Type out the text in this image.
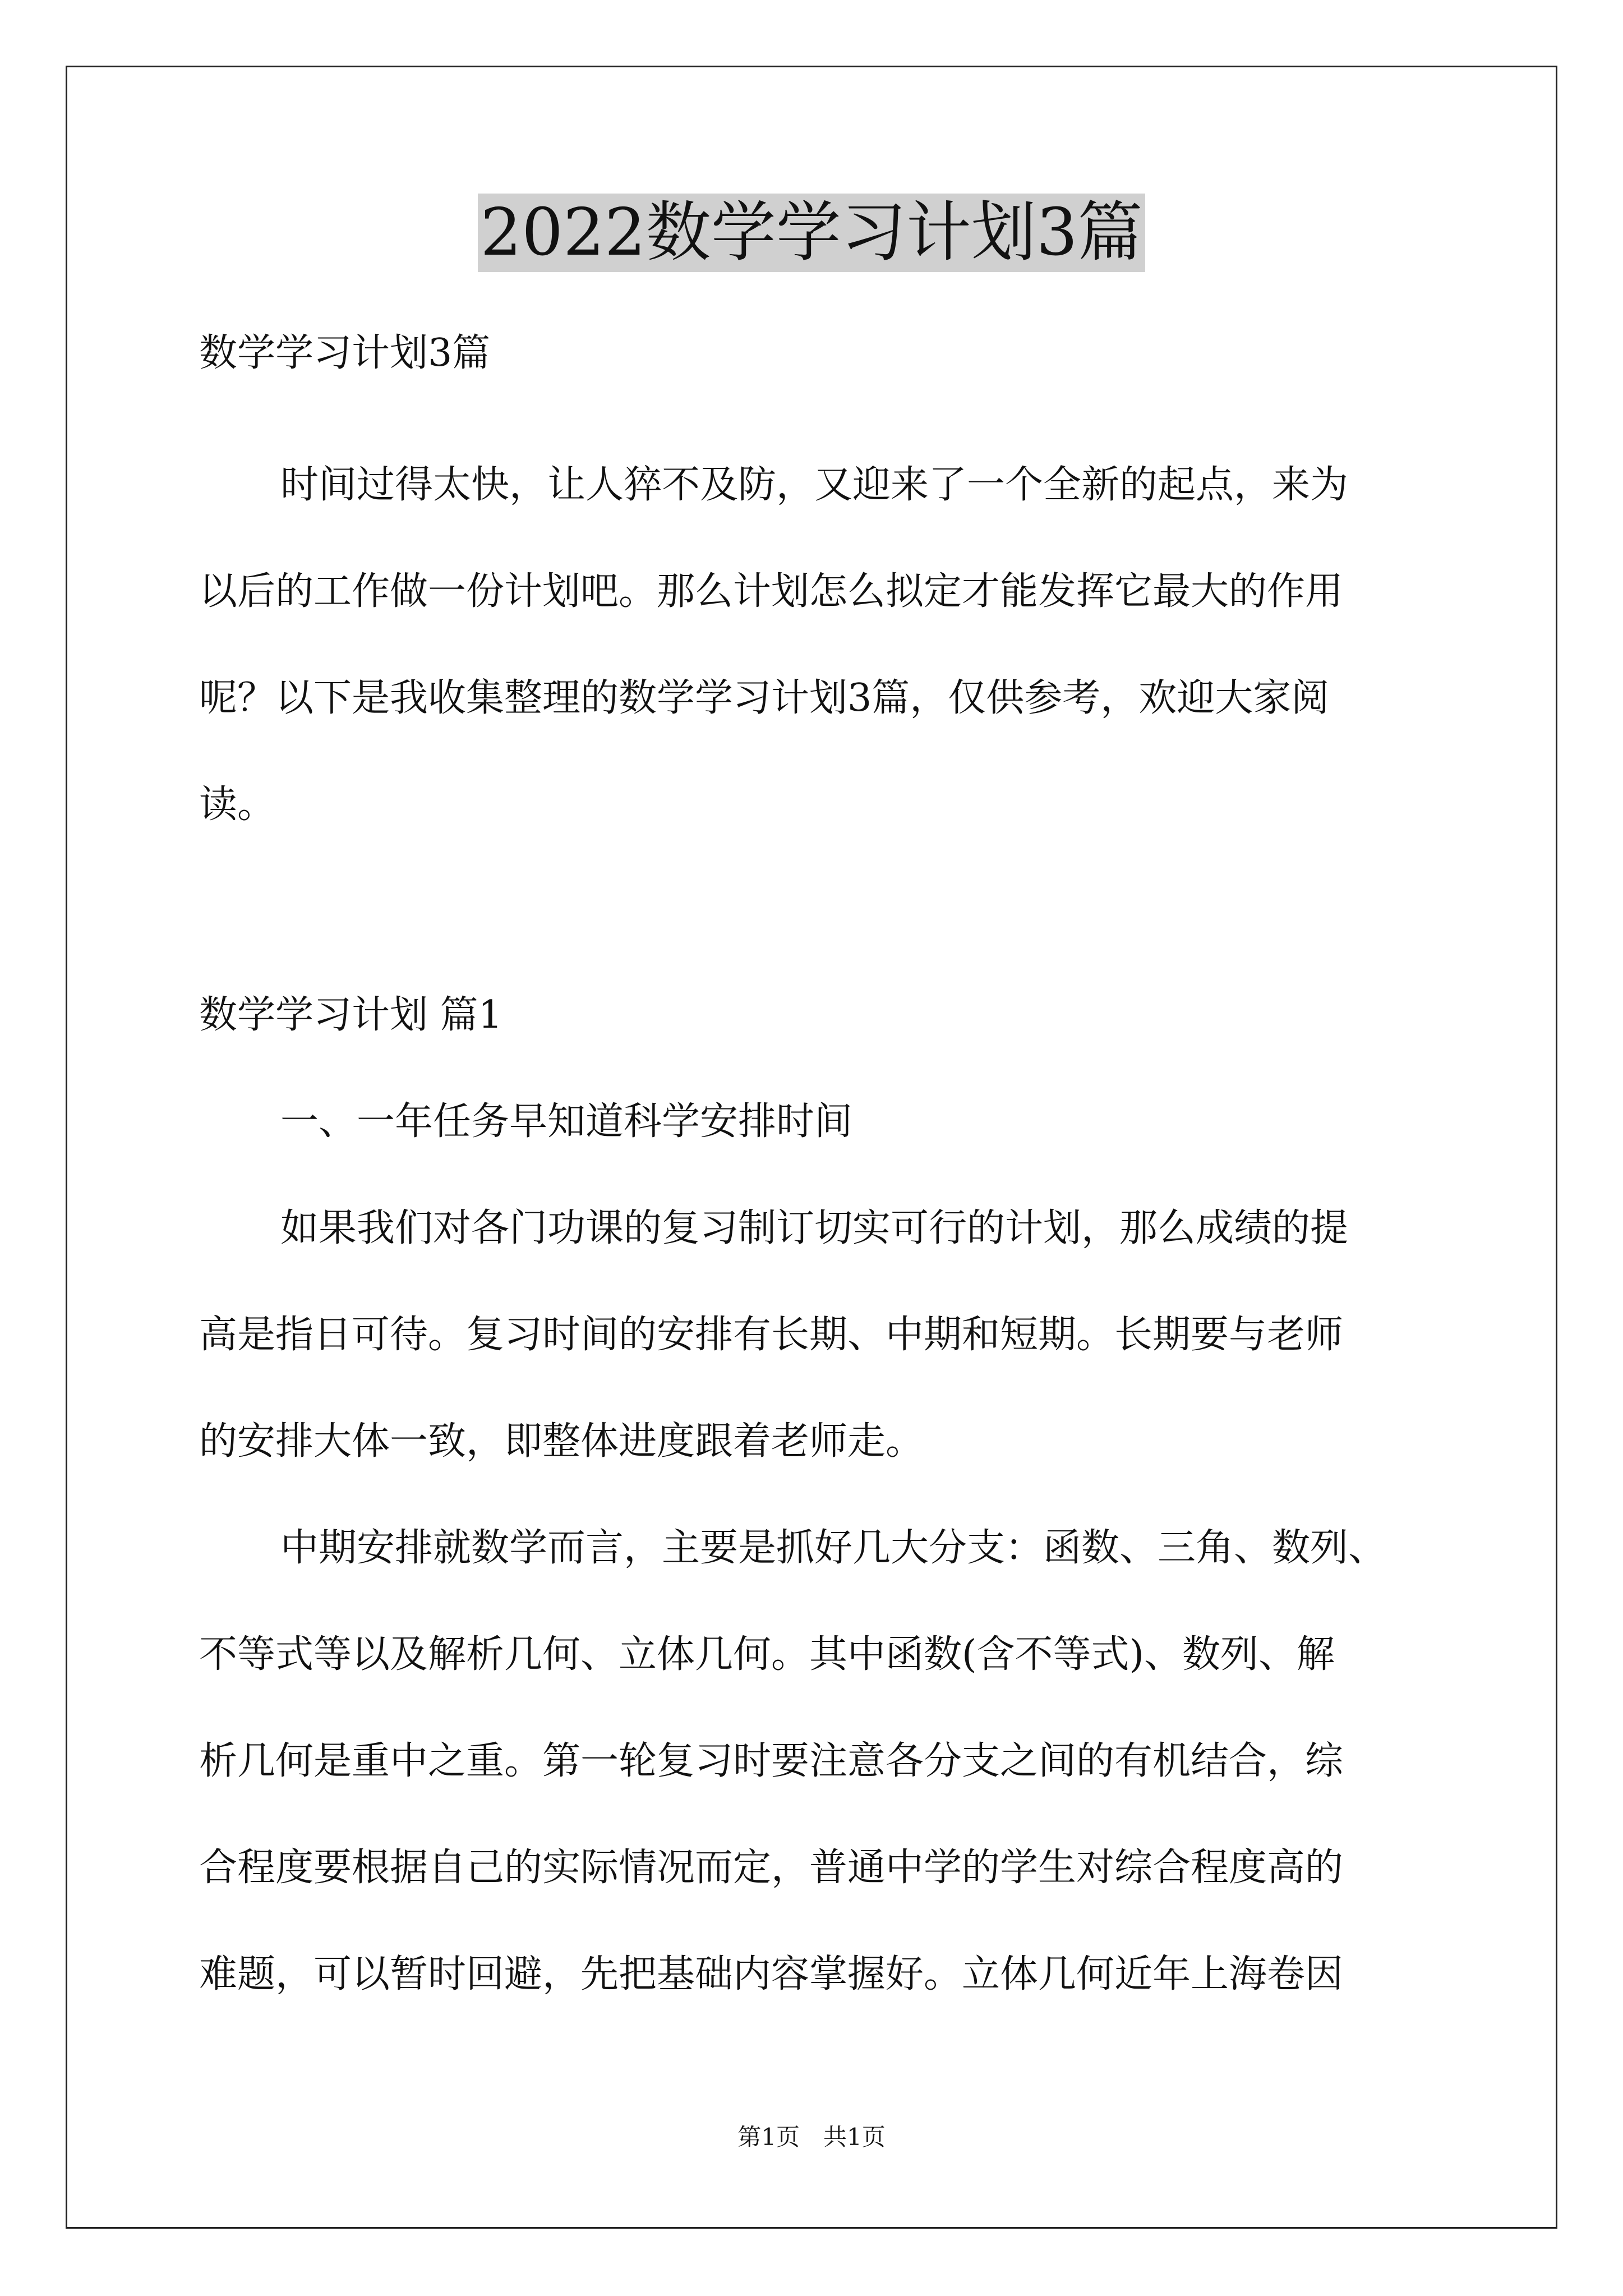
2022数学学习计划3篇

数学学习计划3篇

时间过得太快，让人猝不及防，又迎来了一个全新的起点，来为

以后的工作做一份计划吧。那么计划怎么拟定才能发挥它最大的作用

呢？以下是我收集整理的数学学习计划3篇，仅供参考，欢迎大家阅

读。

数学学习计划 篇1

一、一年任务早知道科学安排时间

如果我们对各门功课的复习制订切实可行的计划，那么成绩的提

高是指日可待。复习时间的安排有长期、中期和短期。长期要与老师

的安排大体一致，即整体进度跟着老师走。

中期安排就数学而言，主要是抓好几大分支：函数、三角、数列、

不等式等以及解析几何、立体几何。其中函数(含不等式)、数列、解

析几何是重中之重。第一轮复习时要注意各分支之间的有机结合，综

合程度要根据自己的实际情况而定，普通中学的学生对综合程度高的

难题，可以暂时回避，先把基础内容掌握好。立体几何近年上海卷因

第1页　共1页
